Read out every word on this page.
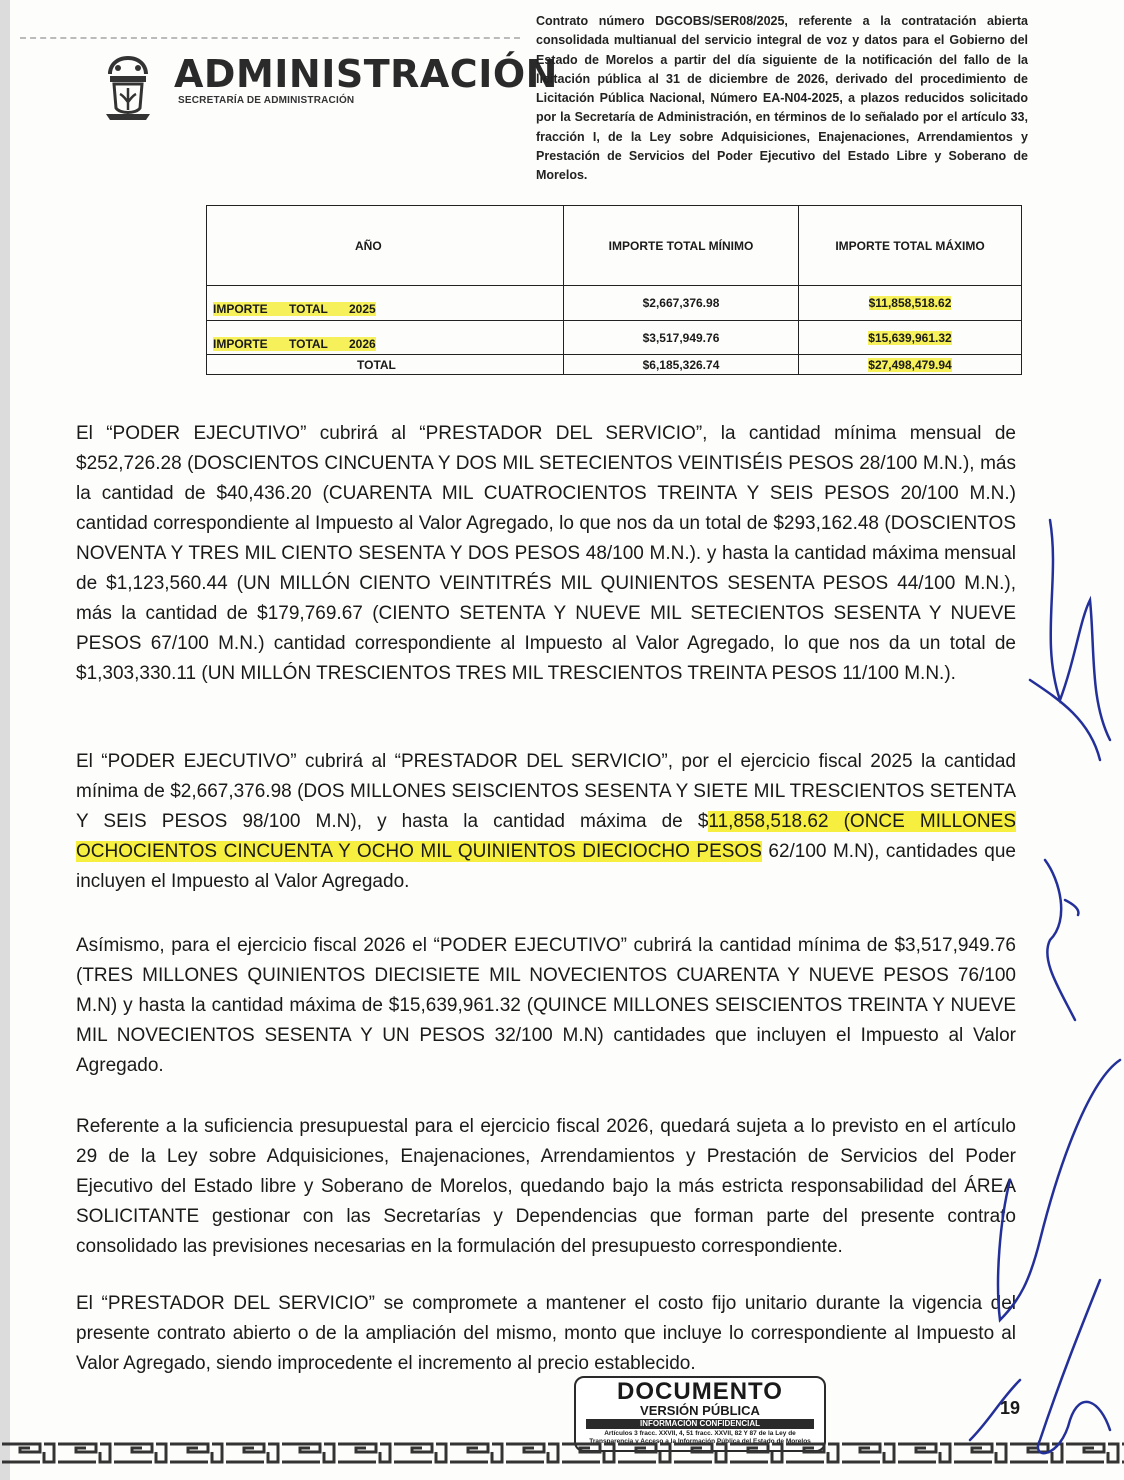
ADMINISTRACIÓN
SECRETARÍA DE ADMINISTRACIÓN
Contrato número DGCOBS/SER08/2025, referente a la contratación abierta consolidada multianual del servicio integral de voz y datos para el Gobierno del Estado de Morelos a partir del día siguiente de la notificación del fallo de la licitación pública al 31 de diciembre de 2026, derivado del procedimiento de Licitación Pública Nacional, Número EA-N04-2025, a plazos reducidos solicitado por la Secretaría de Administración, en términos de lo señalado por el artículo 33, fracción I, de la Ley sobre Adquisiciones, Enajenaciones, Arrendamientos y Prestación de Servicios del Poder Ejecutivo del Estado Libre y Soberano de Morelos.
AÑO	IMPORTE TOTAL MÍNIMO	IMPORTE TOTAL MÁXIMO
IMPORTE TOTAL 2025	$2,667,376.98	$11,858,518.62
IMPORTE TOTAL 2026	$3,517,949.76	$15,639,961.32
TOTAL	$6,185,326.74	$27,498,479.94
El “PODER EJECUTIVO” cubrirá al “PRESTADOR DEL SERVICIO”, la cantidad mínima mensual de $252,726.28 (DOSCIENTOS CINCUENTA Y DOS MIL SETECIENTOS VEINTISÉIS PESOS 28/100 M.N.), más la cantidad de $40,436.20 (CUARENTA MIL CUATROCIENTOS TREINTA Y SEIS PESOS 20/100 M.N.) cantidad correspondiente al Impuesto al Valor Agregado, lo que nos da un total de $293,162.48 (DOSCIENTOS NOVENTA Y TRES MIL CIENTO SESENTA Y DOS PESOS 48/100 M.N.). y hasta la cantidad máxima mensual de $1,123,560.44 (UN MILLÓN CIENTO VEINTITRÉS MIL QUINIENTOS SESENTA PESOS 44/100 M.N.), más la cantidad de $179,769.67 (CIENTO SETENTA Y NUEVE MIL SETECIENTOS SESENTA Y NUEVE PESOS 67/100 M.N.) cantidad correspondiente al Impuesto al Valor Agregado, lo que nos da un total de $1,303,330.11 (UN MILLÓN TRESCIENTOS TRES MIL TRESCIENTOS TREINTA PESOS 11/100 M.N.).
El “PODER EJECUTIVO” cubrirá al “PRESTADOR DEL SERVICIO”, por el ejercicio fiscal 2025 la cantidad mínima de $2,667,376.98 (DOS MILLONES SEISCIENTOS SESENTA Y SIETE MIL TRESCIENTOS SETENTA Y SEIS PESOS 98/100 M.N), y hasta la cantidad máxima de $11,858,518.62 (ONCE MILLONES OCHOCIENTOS CINCUENTA Y OCHO MIL QUINIENTOS DIECIOCHO PESOS 62/100 M.N), cantidades que incluyen el Impuesto al Valor Agregado.
Asímismo, para el ejercicio fiscal 2026 el “PODER EJECUTIVO” cubrirá la cantidad mínima de $3,517,949.76 (TRES MILLONES QUINIENTOS DIECISIETE MIL NOVECIENTOS CUARENTA Y NUEVE PESOS 76/100 M.N) y hasta la cantidad máxima de $15,639,961.32 (QUINCE MILLONES SEISCIENTOS TREINTA Y NUEVE MIL NOVECIENTOS SESENTA Y UN PESOS 32/100 M.N) cantidades que incluyen el Impuesto al Valor Agregado.
Referente a la suficiencia presupuestal para el ejercicio fiscal 2026, quedará sujeta a lo previsto en el artículo 29 de la Ley sobre Adquisiciones, Enajenaciones, Arrendamientos y Prestación de Servicios del Poder Ejecutivo del Estado libre y Soberano de Morelos, quedando bajo la más estricta responsabilidad del ÁREA SOLICITANTE gestionar con las Secretarías y Dependencias que forman parte del presente contrato consolidado las previsiones necesarias en la formulación del presupuesto correspondiente.
El “PRESTADOR DEL SERVICIO” se compromete a mantener el costo fijo unitario durante la vigencia del presente contrato abierto o de la ampliación del mismo, monto que incluye lo correspondiente al Impuesto al Valor Agregado, siendo improcedente el incremento al precio establecido.
DOCUMENTO
VERSIÓN PÚBLICA
INFORMACIÓN CONFIDENCIAL
Artículos 3 fracc. XXVII, 4, 51 fracc. XXVII, 82 Y 87 de la Ley de
19
